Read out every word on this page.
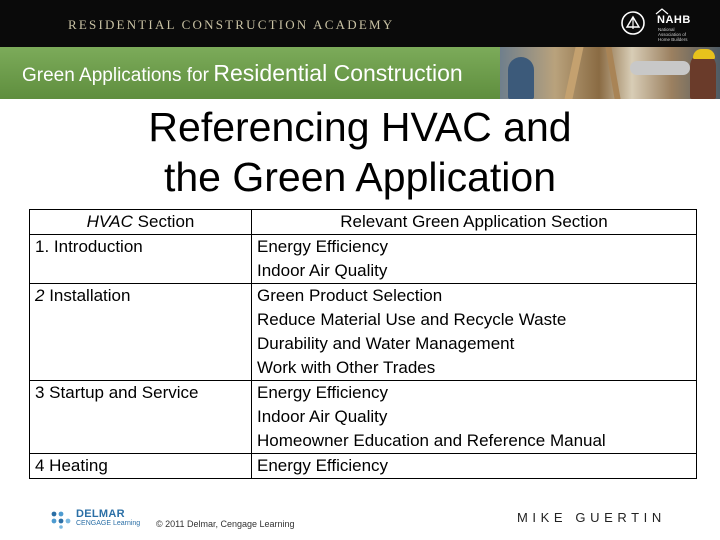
RESIDENTIAL CONSTRUCTION ACADEMY	NAHB
National Association of Home Builders
Green Applications for Residential Construction
Referencing HVAC and
the Green Application
HVAC Section	Relevant Green Application Section
1. Introduction	Energy Efficiency
Indoor Air Quality

2 Installation	Green Product Selection
Reduce Material Use and Recycle Waste
Durability and Water Management
Work with Other Trades

3 Startup and Service	Energy Efficiency
Indoor Air Quality
Homeowner Education and Reference Manual

4 Heating	Energy Efficiency
DELMAR
CENGAGE Learning © 2011 Delmar, Cengage Learning	MIKE GUERTIN
